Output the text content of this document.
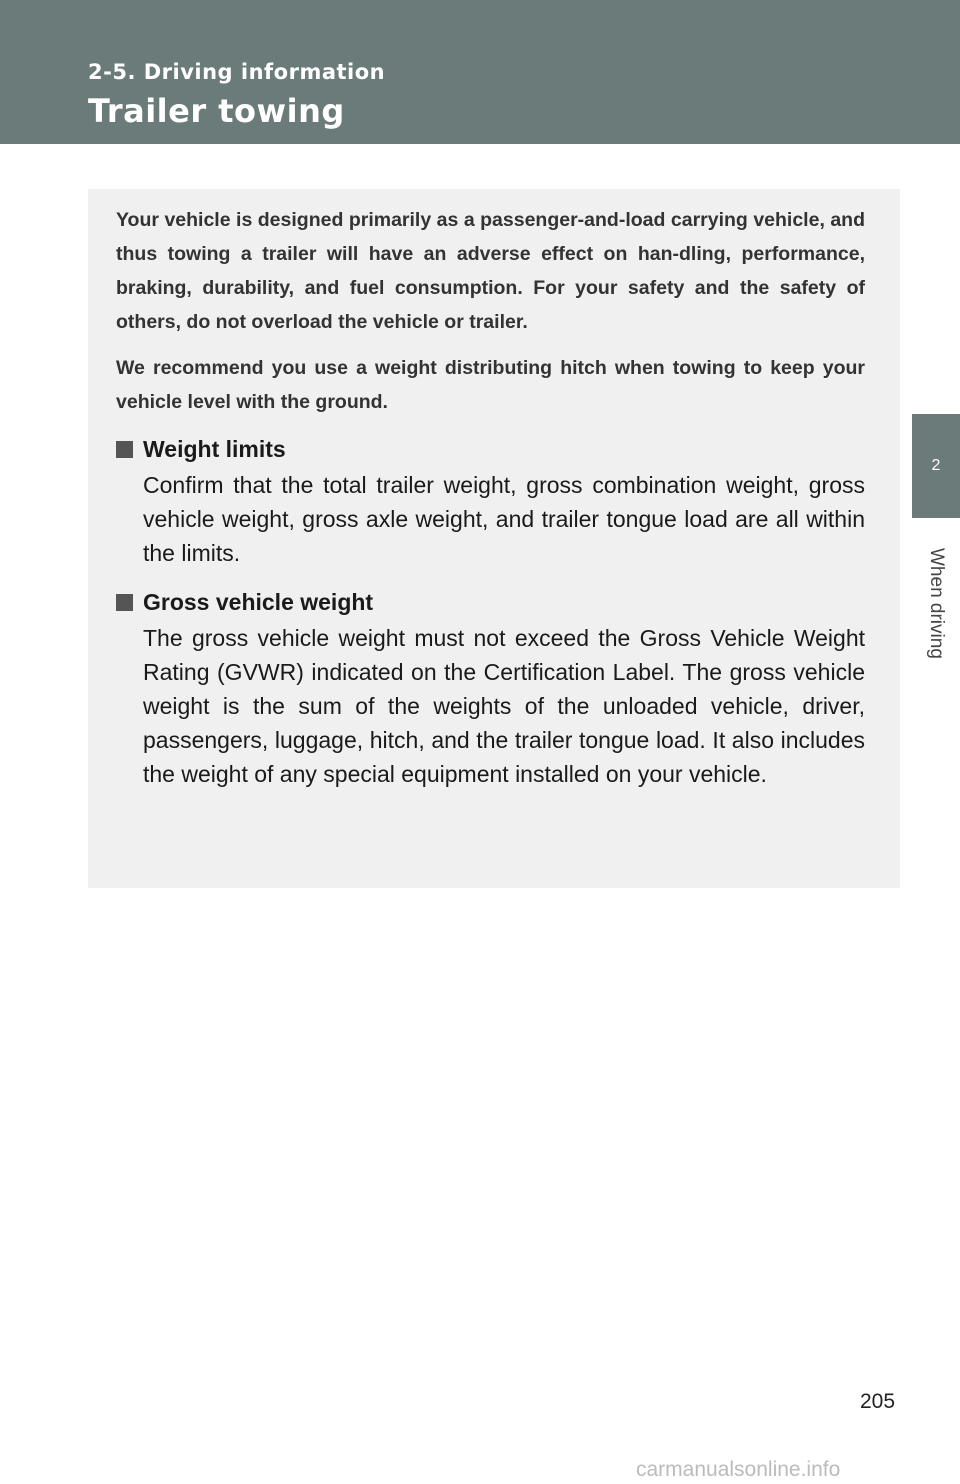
2-5. Driving information
Trailer towing
2
When driving

Your vehicle is designed primarily as a passenger-and-load carrying vehicle, and thus towing a trailer will have an adverse effect on han-dling, performance, braking, durability, and fuel consumption. For your safety and the safety of others, do not overload the vehicle or trailer.

We recommend you use a weight distributing hitch when towing to keep your vehicle level with the ground.

Weight limits

Confirm that the total trailer weight, gross combination weight, gross vehicle weight, gross axle weight, and trailer tongue load are all within the limits.

Gross vehicle weight

The gross vehicle weight must not exceed the Gross Vehicle Weight Rating (GVWR) indicated on the Certification Label. The gross vehicle weight is the sum of the weights of the unloaded vehicle, driver, passengers, luggage, hitch, and the trailer tongue load. It also includes the weight of any special equipment installed on your vehicle.

205
carmanualsonline.info
